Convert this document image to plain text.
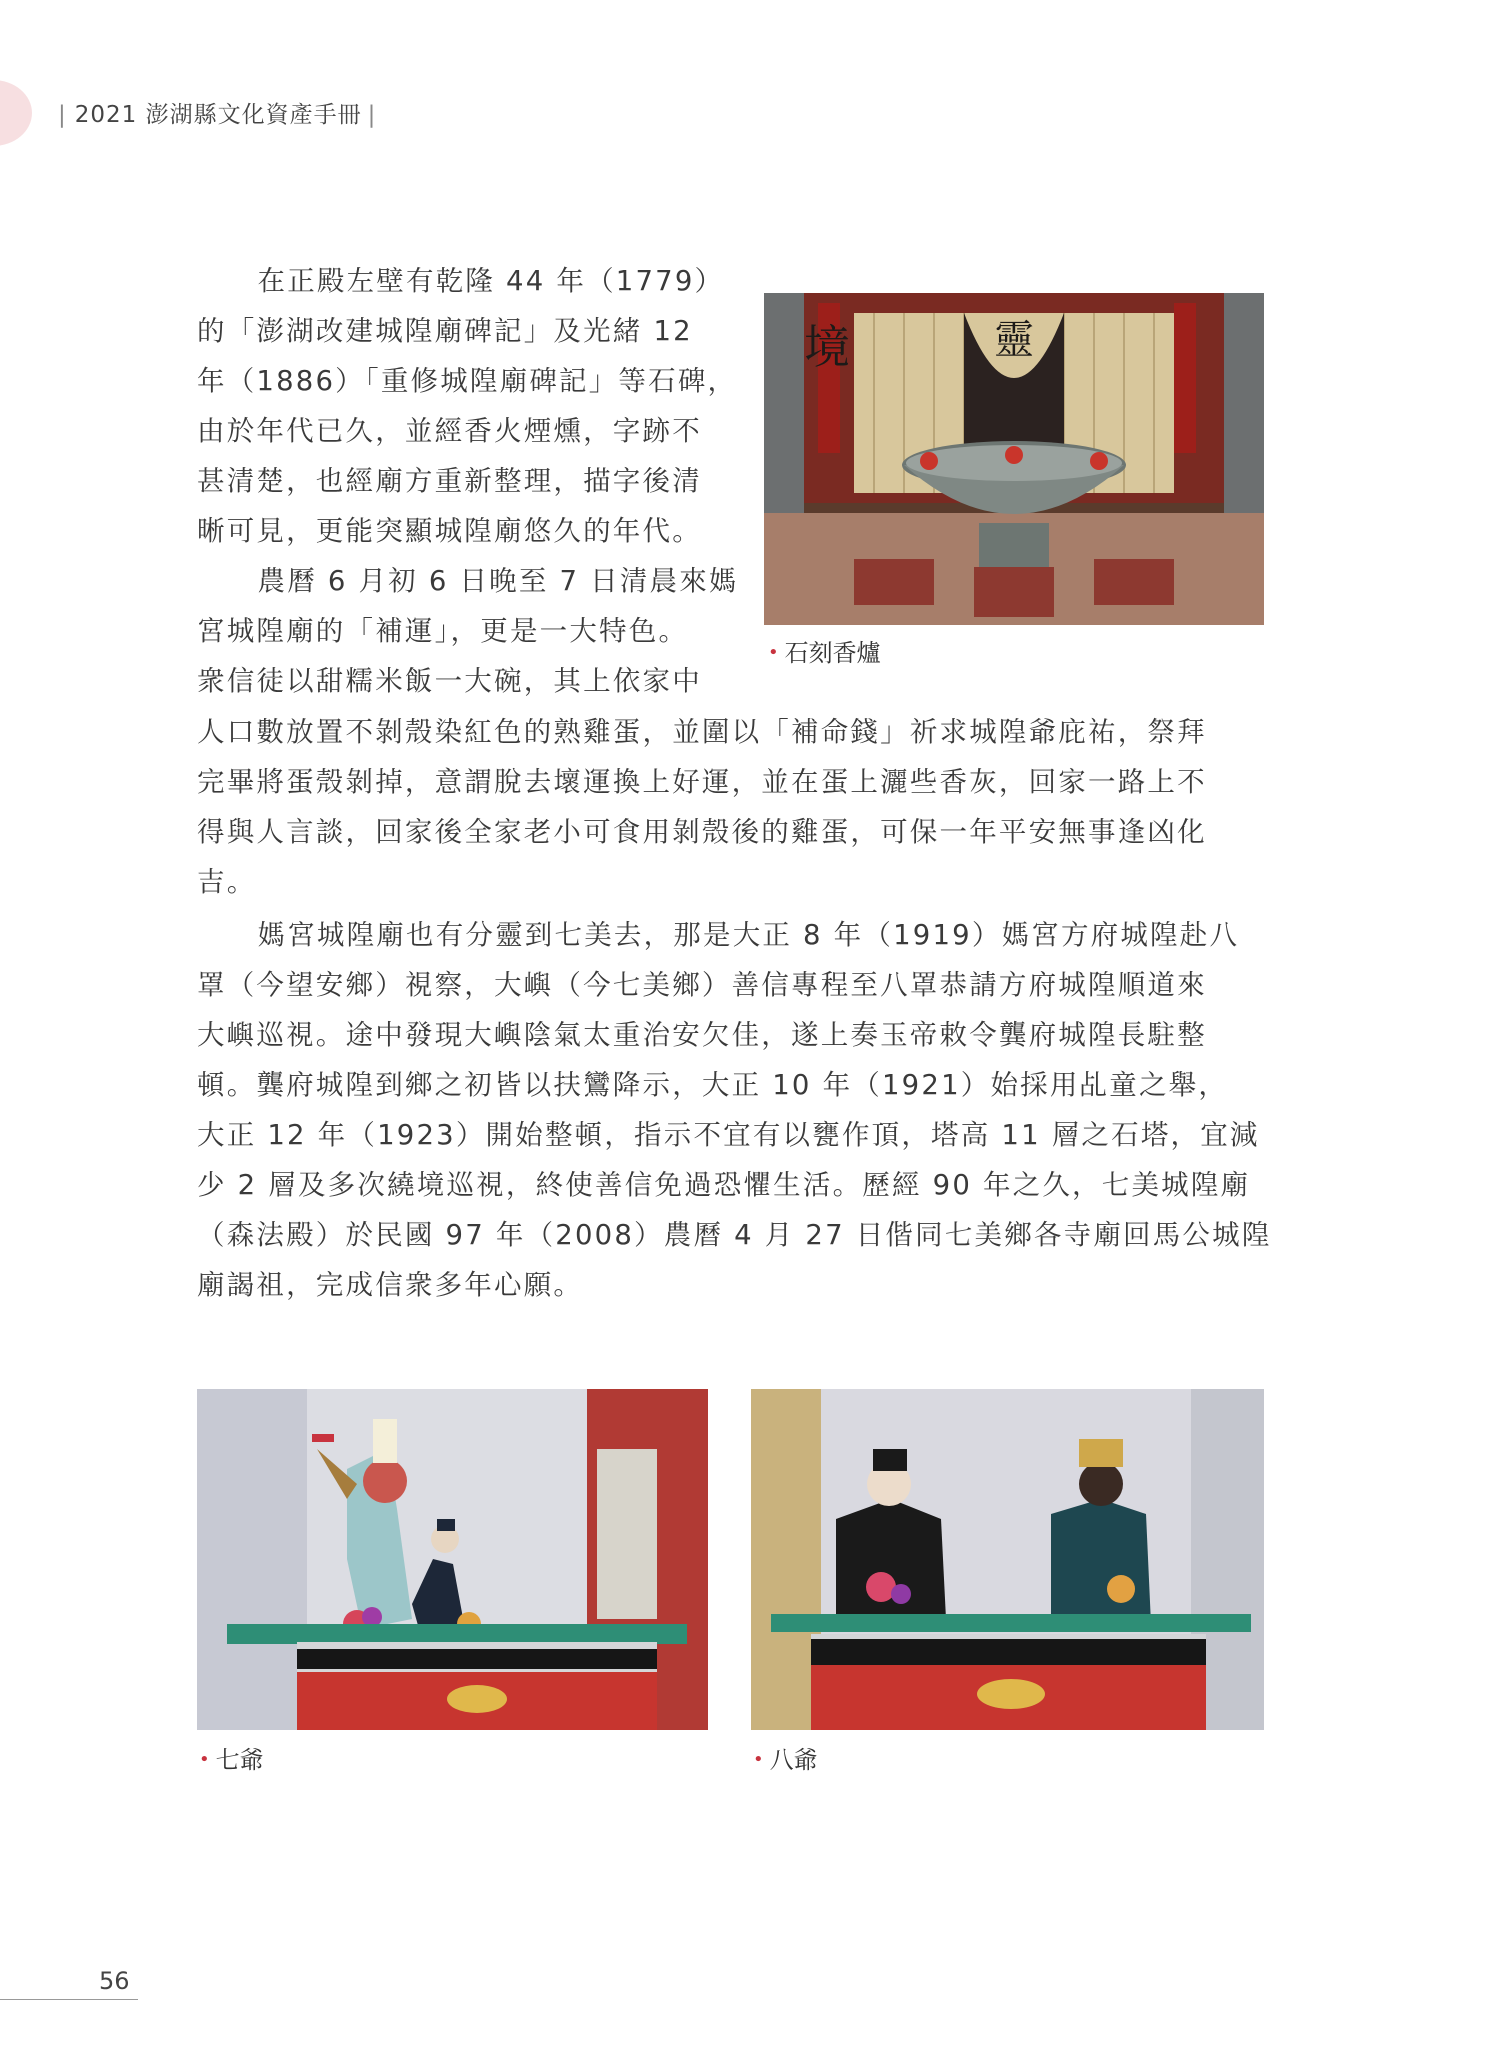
| 2021 澎湖縣文化資產手冊 |
在正殿左壁有乾隆 44 年（1779）
的「澎湖改建城隍廟碑記」及光緒 12
年（1886）「重修城隍廟碑記」等石碑，
由於年代已久，並經香火煙燻，字跡不
甚清楚，也經廟方重新整理，描字後清
晰可見，更能突顯城隍廟悠久的年代。
農曆 6 月初 6 日晚至 7 日清晨來媽
宮城隍廟的「補運」，更是一大特色。
衆信徒以甜糯米飯一大碗，其上依家中
人口數放置不剝殼染紅色的熟雞蛋，並圍以「補命錢」祈求城隍爺庇祐，祭拜
完畢將蛋殼剝掉，意謂脫去壞運換上好運，並在蛋上灑些香灰，回家一路上不
得與人言談，回家後全家老小可食用剝殼後的雞蛋，可保一年平安無事逢凶化
吉。
媽宮城隍廟也有分靈到七美去，那是大正 8 年（1919）媽宮方府城隍赴八
罩（今望安鄉）視察，大嶼（今七美鄉）善信專程至八罩恭請方府城隍順道來
大嶼巡視。途中發現大嶼陰氣太重治安欠佳，遂上奏玉帝敕令龔府城隍長駐整
頓。龔府城隍到鄉之初皆以扶鸞降示，大正 10 年（1921）始採用乩童之舉，
大正 12 年（1923）開始整頓，指示不宜有以甕作頂，塔高 11 層之石塔，宜減
少 2 層及多次繞境巡視，終使善信免過恐懼生活。歷經 90 年之久，七美城隍廟
（森法殿）於民國 97 年（2008）農曆 4 月 27 日偕同七美鄉各寺廟回馬公城隍
廟謁祖，完成信衆多年心願。
境	靈
• 石刻香爐
• 七爺	• 八爺
56
